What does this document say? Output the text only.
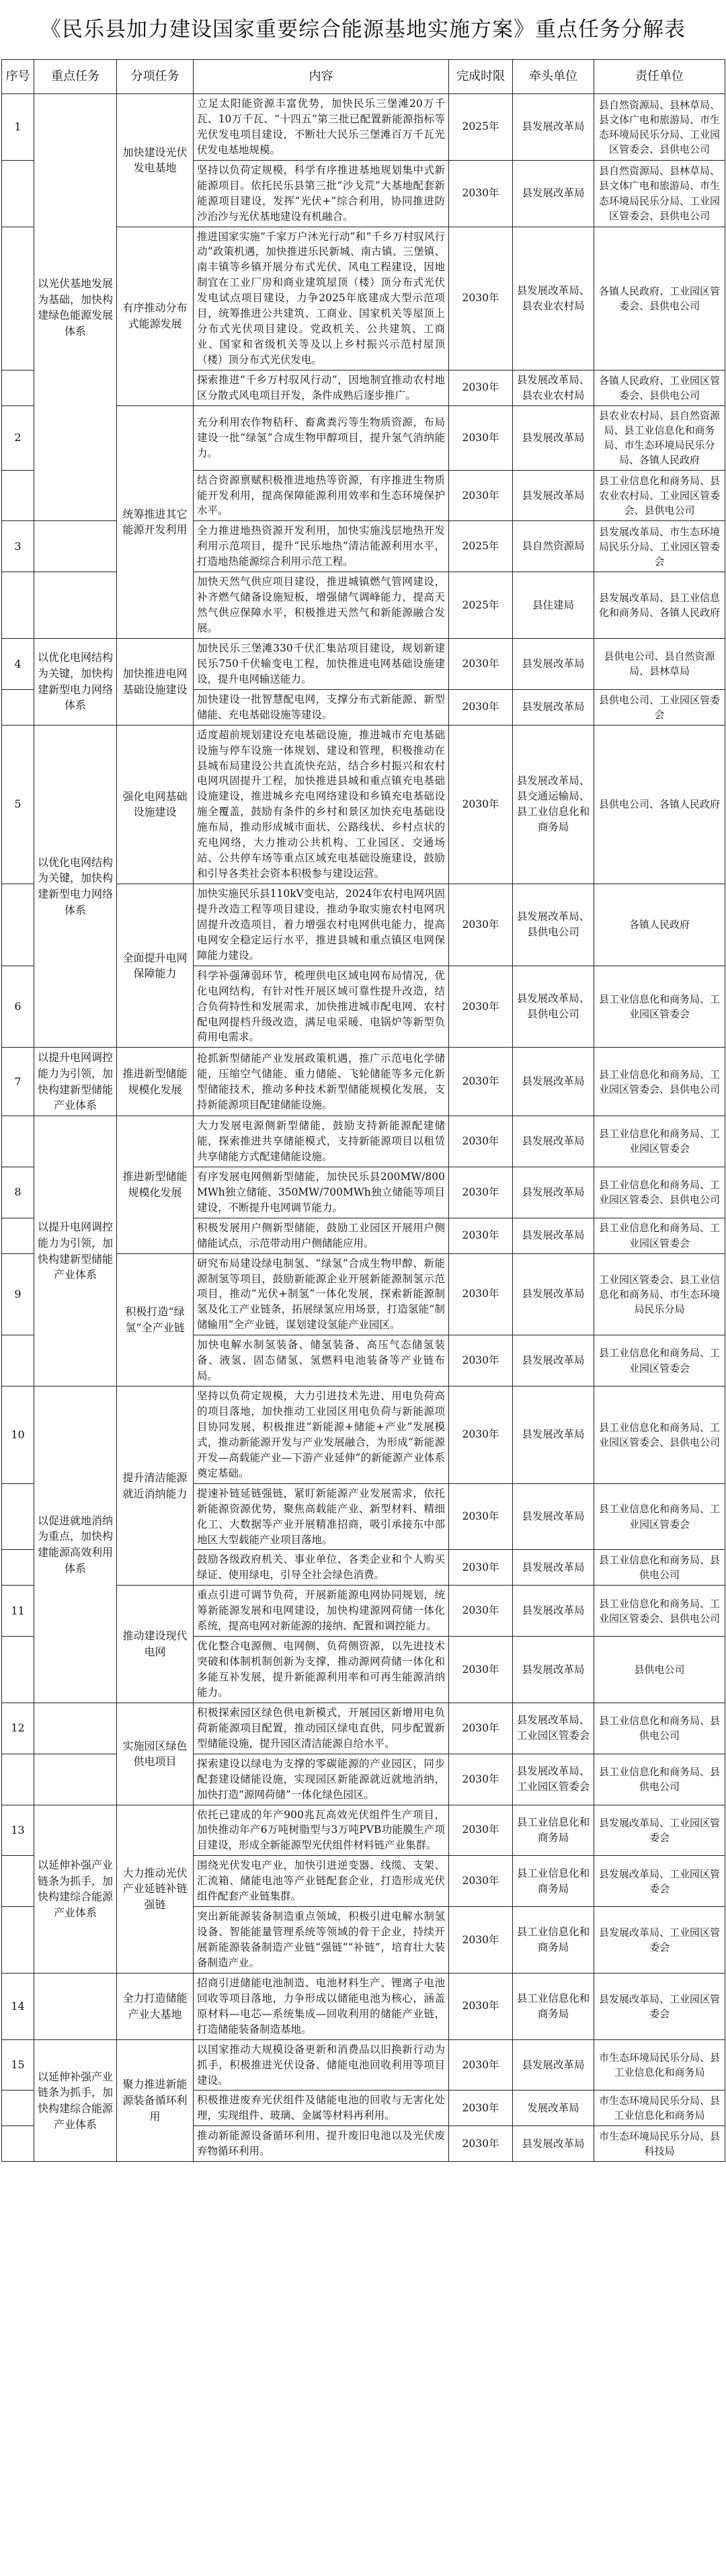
《民乐县加力建设国家重要综合能源基地实施方案》重点任务分解表
序号	重点任务	分项任务	内容	完成时限	牵头单位	责任单位
1	以光伏基地发展为基础，加快构建绿色能源发展体系	加快建设光伏发电基地	立足太阳能资源丰富优势，加快民乐三堡滩20万千瓦、10万千瓦、“十四五”第三批已配置新能源指标等光伏发电项目建设，不断壮大民乐三堡滩百万千瓦光伏发电基地规模。	2025年	县发展改革局	县自然资源局、县林草局、县文体广电和旅游局、市生态环境局民乐分局、工业园区管委会、县供电公司
			坚持以负荷定规模，科学有序推进基地规划集中式新能源项目。依托民乐县第三批“沙戈荒”大基地配套新能源项目建设，发挥“光伏+”综合利用，协同推进防沙治沙与光伏基地建设有机融合。	2030年	县发展改革局	县自然资源局、县林草局、县文体广电和旅游局、市生态环境局民乐分局、工业园区管委会、县供电公司
		有序推动分布式能源发展	推进国家实施“千家万户沐光行动”和“千乡万村驭风行动”政策机遇，加快推进乐民新城、南古镇、三堡镇、南丰镇等乡镇开展分布式光伏、风电工程建设，因地制宜在工业厂房和商业建筑屋顶（楼）顶分布式光伏发电试点项目建设，力争2025年底建成大型示范项目，统筹推进公共建筑、工商业、国家机关等屋顶上分布式光伏项目建设。党政机关、公共建筑、工商业、国家和省级机关等及以上乡村振兴示范村屋顶（楼）顶分布式光伏发电。	2030年	县发展改革局、县农业农村局	各镇人民政府、工业园区管委会、县供电公司
			探索推进“千乡万村驭风行动”，因地制宜推动农村地区分散式风电项目开发，条件成熟后逐步推广。	2030年	县发展改革局、县农业农村局	各镇人民政府、工业园区管委会、县供电公司
2		统筹推进其它能源开发利用	充分利用农作物秸秆、畜禽粪污等生物质资源，布局建设一批“绿氢”合成生物甲醇项目，提升氢气消纳能力。	2030年	县发展改革局	县农业农村局、县自然资源局、县工业信息化和商务局、市生态环境局民乐分局、各镇人民政府
			结合资源禀赋积极推进地热等资源，有序推进生物质能开发利用，提高保障能源利用效率和生态环境保护水平。	2030年	县发展改革局	县工业信息化和商务局、县农业农村局、工业园区管委会、县供电公司
3			全力推进地热资源开发利用，加快实施浅层地热开发利用示范项目，提升“民乐地热”清洁能源利用水平，打造地热能源综合利用示范工程。	2025年	县自然资源局	县发展改革局、市生态环境局民乐分局、工业园区管委会
			加快天然气供应项目建设，推进城镇燃气管网建设，补齐燃气储备设施短板，增强储气调峰能力，提高天然气供应保障水平，积极推进天然气和新能源融合发展。	2025年	县住建局	县发展改革局、县工业信息化和商务局、各镇人民政府
4	以优化电网结构为关键，加快构建新型电力网络体系	加快推进电网基础设施建设	加快民乐三堡滩330千伏汇集站项目建设，规划新建民乐750千伏输变电工程，加快推进电网基础设施建设，提升电网输送能力。	2030年	县发展改革局	县供电公司、县自然资源局、县林草局
			加快建设一批智慧配电网，支撑分布式新能源、新型储能、充电基础设施等建设。	2030年	县发展改革局	县供电公司、工业园区管委会
5	以优化电网结构为关键，加快构建新型电力网络体系	强化电网基础设施建设	适度超前规划建设充电基础设施，推进城市充电基础设施与停车设施一体规划、建设和管理，积极推动在县城布局建设公共直流快充站，结合乡村振兴和农村电网巩固提升工程，加快推进县城和重点镇充电基础设施建设，推进城乡充电网络建设和乡镇充电基础设施全覆盖，鼓励有条件的乡村和景区加快充电基础设施布局，推动形成城市面状、公路线状、乡村点状的充电网络，大力推动公共机构、工业园区、交通场站、公共停车场等重点区域充电基础设施建设，鼓励和引导各类社会资本积极参与建设运营。	2030年	县发展改革局、县交通运输局、县工业信息化和商务局	县供电公司、各镇人民政府
		全面提升电网保障能力	加快实施民乐县110kV变电站，2024年农村电网巩固提升改造工程等项目建设，推动争取实施农村电网巩固提升改造项目，着力增强农村电网供电能力，提高电网安全稳定运行水平，推进县城和重点镇区电网保障能力建设。	2030年	县发展改革局、县供电公司	各镇人民政府
6			科学补强薄弱环节，梳理供电区域电网布局情况，优化电网结构，有针对性开展区域可靠性提升改造，结合负荷特性和发展需求，加快推进城市配电网、农村配电网提档升级改造，满足电采暖、电锅炉等新型负荷用电需求。	2030年	县发展改革局、县供电公司	县工业信息化和商务局、工业园区管委会
7	以提升电网调控能力为引领，加快构建新型储能产业体系	推进新型储能规模化发展	抢抓新型储能产业发展政策机遇，推广示范电化学储能，压缩空气储能、重力储能、飞轮储能等多元化新型储能技术，推动多种技术新型储能规模化发展，支持新能源项目配建储能设施。	2030年	县发展改革局	县工业信息化和商务局、工业园区管委会、县供电公司
	以提升电网调控能力为引领，加快构建新型储能产业体系	推进新型储能规模化发展	大力发展电源侧新型储能，鼓励支持新能源配建储能，探索推进共享储能模式，支持新能源项目以租赁共享储能方式配建储能设施。	2030年	县发展改革局	县工业信息化和商务局、工业园区管委会
8			有序发展电网侧新型储能，加快民乐县200MW/800MWh独立储能、350MW/700MWh独立储能等项目建设，不断提升电网调节能力。	2030年	县发展改革局	县工业信息化和商务局、工业园区管委会、县供电公司
			积极发展用户侧新型储能，鼓励工业园区开展用户侧储能试点，示范带动用户侧储能应用。	2030年	县发展改革局	县工业信息化和商务局、工业园区管委会
9		积极打造“绿氢”全产业链	研究布局建设绿电制氢、“绿氢”合成生物甲醇、新能源制氢等项目，鼓励新能源企业开展新能源制氢示范项目，推动“光伏+制氢”一体化发展，探索新能源制氢及化工产业链条，拓展绿氢应用场景，打造氢能“制储输用”全产业链，谋划建设氢能产业园区。	2030年	县发展改革局	工业园区管委会、县工业信息化和商务局、市生态环境局民乐分局
			加快电解水制氢装备、储氢装备、高压气态储氢装备、液氢、固态储氢、氢燃料电池装备等产业链布局。	2030年	县发展改革局	县工业信息化和商务局、工业园区管委会
10	以促进就地消纳为重点，加快构建能源高效利用体系	提升清洁能源就近消纳能力	坚持以负荷定规模，大力引进技术先进、用电负荷高的项目落地，加快推动工业园区用电负荷与新能源项目协同发展，积极推进“新能源+储能+产业”发展模式，推动新能源开发与产业发展融合，为形成“新能源开发—高载能产业—下游产业延伸”的新能源产业体系奠定基础。	2030年	县发展改革局	县工业信息化和商务局、工业园区管委会、县供电公司
			提速补链延链强链，紧盯新能源产业发展需求，依托新能源资源优势，聚焦高载能产业、新型材料、精细化工、大数据等产业开展精准招商，吸引承接东中部地区大型载能产业项目落地。	2030年	县发展改革局	县工业信息化和商务局、工业园区管委会
			鼓励各级政府机关、事业单位、各类企业和个人购买绿证、使用绿电，引导全社会绿色消费。	2030年	县发展改革局	县工业信息化和商务局、县供电公司
11		推动建设现代电网	重点引进可调节负荷，开展新能源电网协同规划，统筹新能源发展和电网建设，加快构建源网荷储一体化系统，提高电网对新能源的接纳、配置和调控能力。	2030年	县发展改革局	县工业信息化和商务局、工业园区管委会、县供电公司
			优化整合电源侧、电网侧、负荷侧资源，以先进技术突破和体制机制创新为支撑，推动源网荷储一体化和多能互补发展，提升新能源利用率和可再生能源消纳能力。	2030年	县发展改革局	县供电公司
12		实施园区绿色供电项目	积极探索园区绿色供电新模式，开展园区新增用电负荷新能源项目配置，推动园区绿电直供，同步配置新型储能设施，提升园区清洁能源自给水平。	2030年	县发展改革局、工业园区管委会	县工业信息化和商务局、县供电公司
			探索建设以绿电为支撑的零碳能源的产业园区，同步配套建设储能设施，实现园区新能源就近就地消纳，加快打造“源网荷储”一体化绿色园区。	2030年	县发展改革局、工业园区管委会	县工业信息化和商务局、县供电公司
13	以延伸补强产业链条为抓手，加快构建综合能源产业体系	大力推动光伏产业延链补链强链	依托已建成的年产900兆瓦高效光伏组件生产项目，加快推动年产6万吨树脂型与3万吨PVB功能膜生产项目建设，形成全新能源型光伏组件材料链产业集群。	2030年	县工业信息化和商务局	县发展改革局、工业园区管委会
			围绕光伏发电产业，加快引进逆变器、线缆、支架、汇流箱、储能电池等产业链配套企业，打造形成光伏组件配套产业链集群。	2030年	县工业信息化和商务局	县发展改革局、工业园区管委会
			突出新能源装备制造重点领域，积极引进电解水制氢设备、智能能量管理系统等领域的骨干企业，持续开展新能源装备制造产业链“强链”“补链”，培育壮大装备制造产业。	2030年	县工业信息化和商务局	县发展改革局、工业园区管委会
14		全力打造储能产业大基地	招商引进储能电池制造、电池材料生产、锂离子电池回收等项目落地，力争形成以储能电池为核心，涵盖原材料—电芯—系统集成—回收利用的储能产业链，打造储能装备制造基地。	2030年	县工业信息化和商务局	县发展改革局、工业园区管委会
15	以延伸补强产业链条为抓手，加快构建综合能源产业体系	聚力推进新能源装备循环利用	以国家推动大规模设备更新和消费品以旧换新行动为抓手，积极推进光伏设备、储能电池回收利用等项目建设。	2030年	县发展改革局	市生态环境局民乐分局、县工业信息化和商务局
			积极推进废弃光伏组件及储能电池的回收与无害化处理，实现组件、玻璃、金属等材料再利用。	2030年	发展改革局	市生态环境局民乐分局、县工业信息化和商务局
			推动新能源设备循环利用、提升废旧电池以及光伏废弃物循环利用。	2030年	县发展改革局	市生态环境局民乐分局、县科技局
